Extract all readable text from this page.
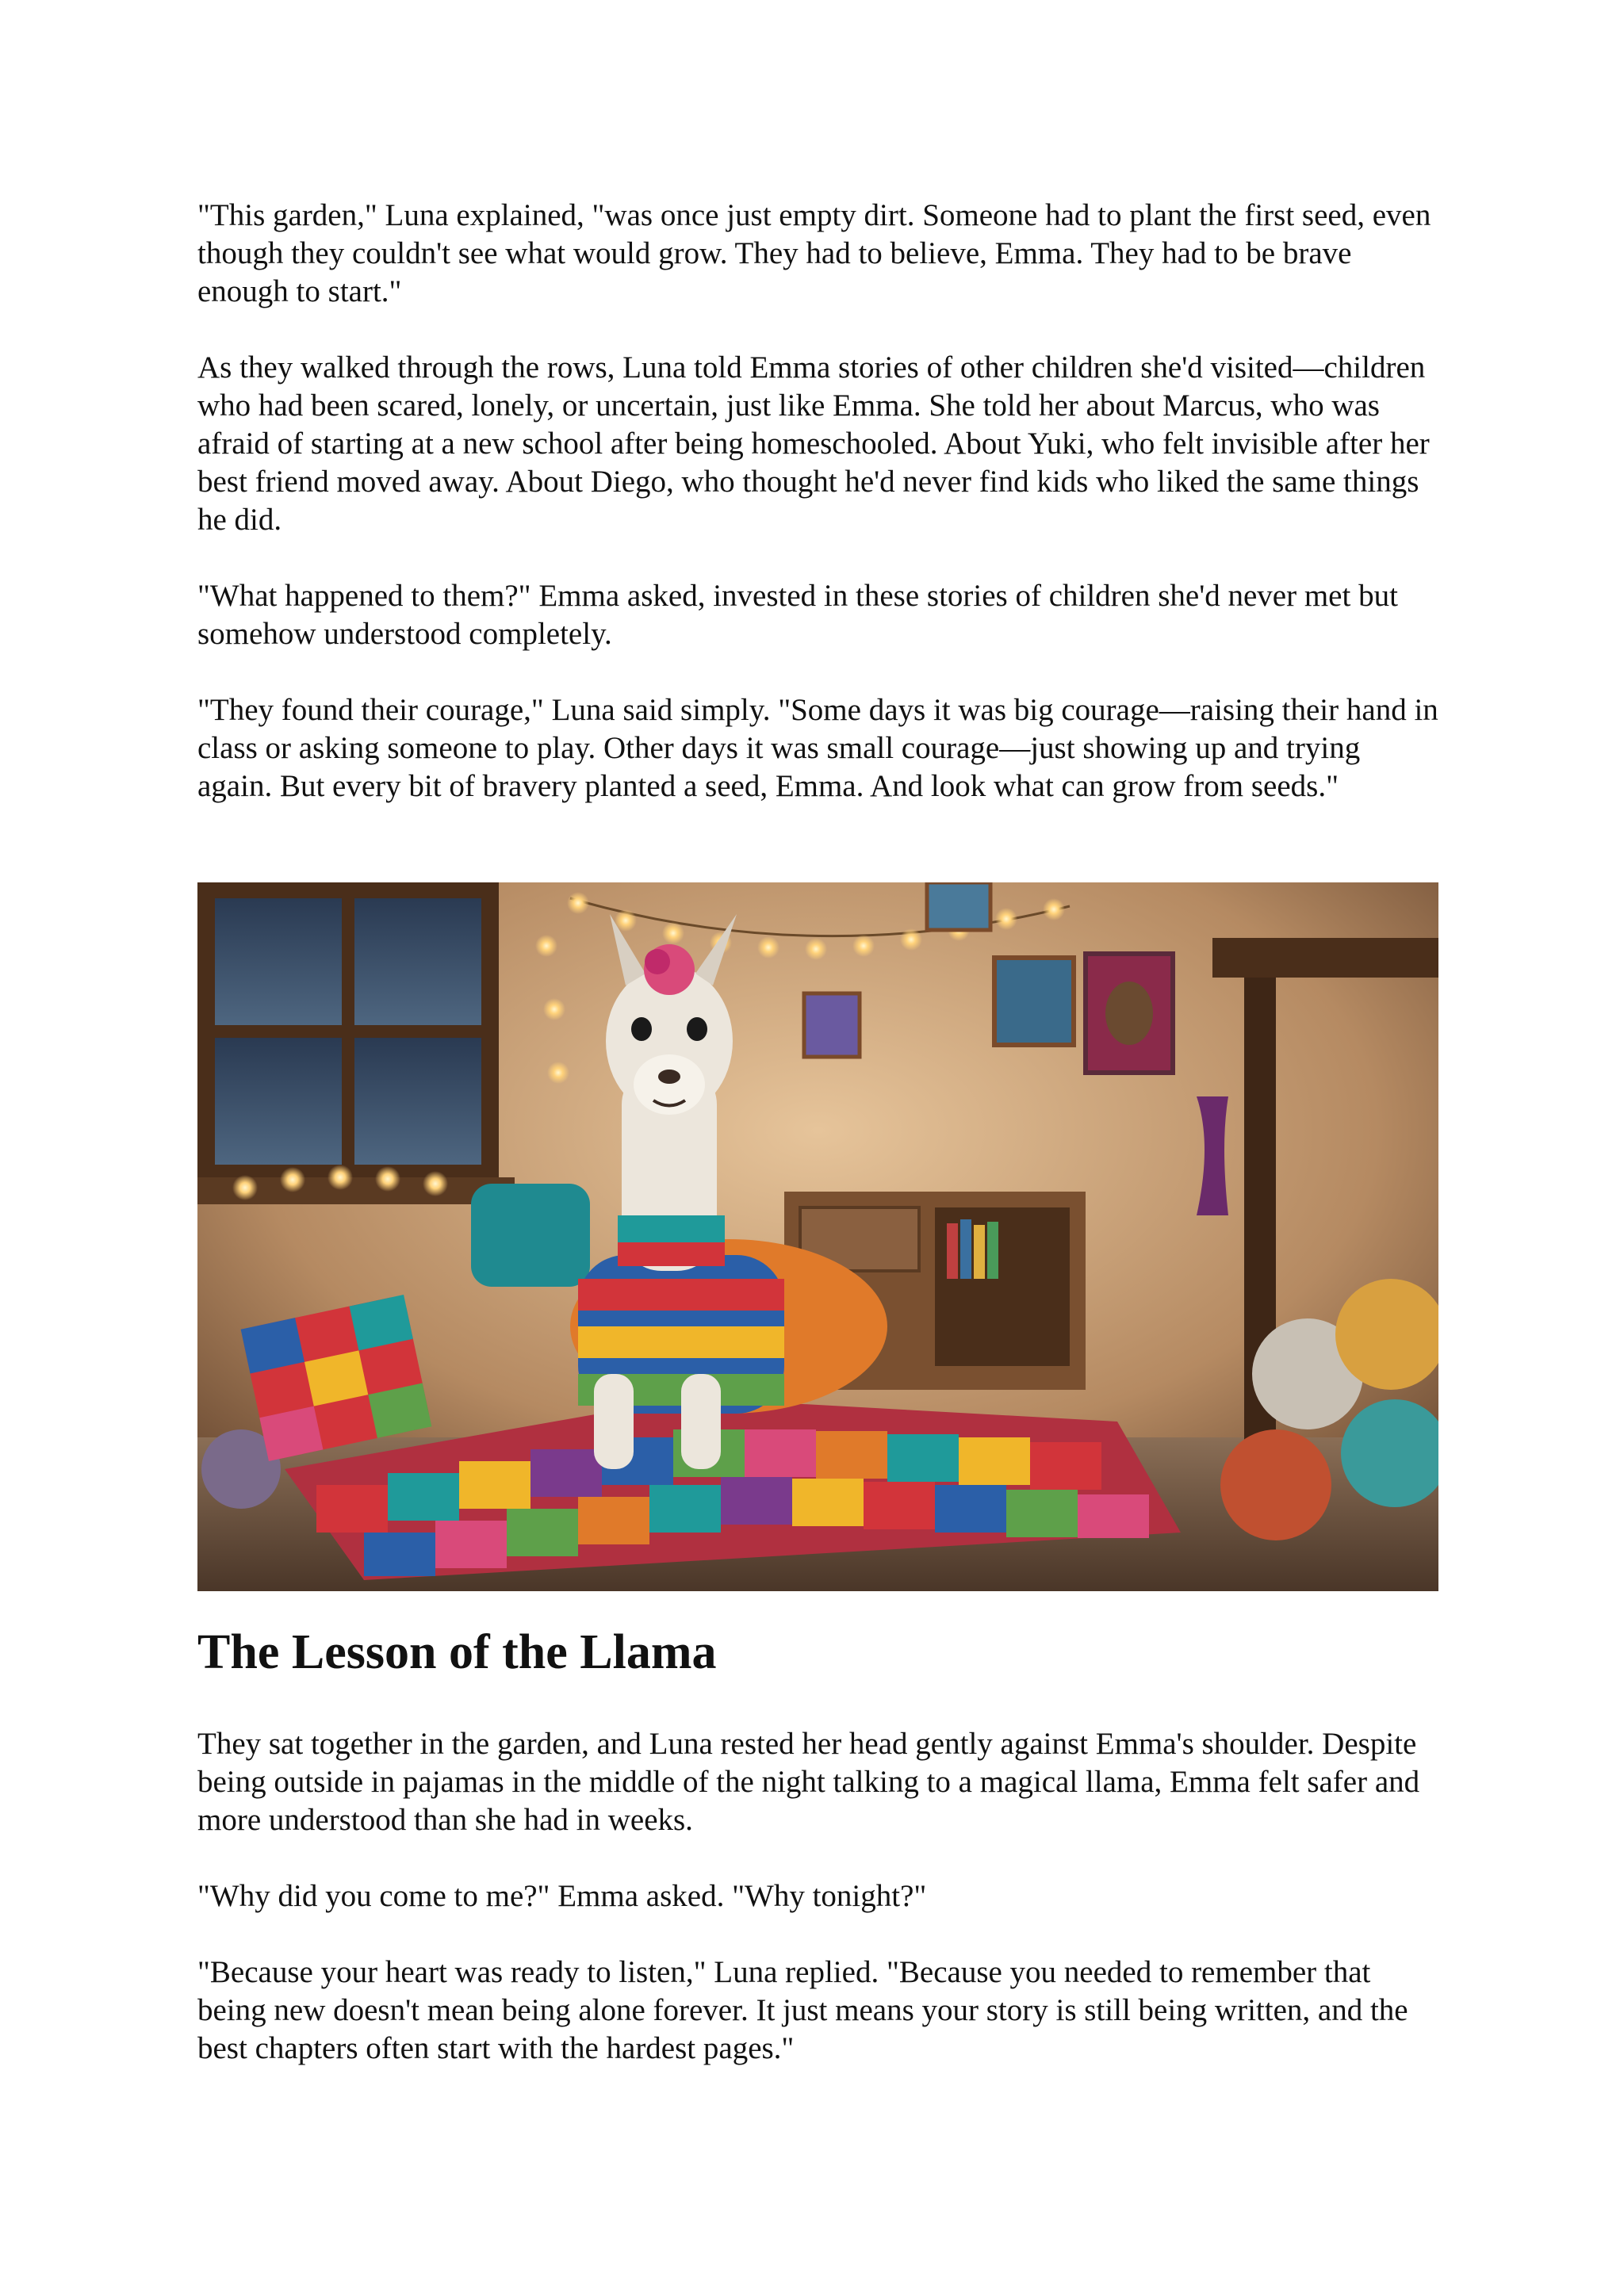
"This garden," Luna explained, "was once just empty dirt. Someone had to plant the first seed, even though they couldn't see what would grow. They had to believe, Emma. They had to be brave enough to start."

As they walked through the rows, Luna told Emma stories of other children she'd visited—children who had been scared, lonely, or uncertain, just like Emma. She told her about Marcus, who was afraid of starting at a new school after being homeschooled. About Yuki, who felt invisible after her best friend moved away. About Diego, who thought he'd never find kids who liked the same things he did.

"What happened to them?" Emma asked, invested in these stories of children she'd never met but somehow understood completely.

"They found their courage," Luna said simply. "Some days it was big courage—raising their hand in class or asking someone to play. Other days it was small courage—just showing up and trying again. But every bit of bravery planted a seed, Emma. And look what can grow from seeds."

The Lesson of the Llama

They sat together in the garden, and Luna rested her head gently against Emma's shoulder. Despite being outside in pajamas in the middle of the night talking to a magical llama, Emma felt safer and more understood than she had in weeks.

"Why did you come to me?" Emma asked. "Why tonight?"

"Because your heart was ready to listen," Luna replied. "Because you needed to remember that being new doesn't mean being alone forever. It just means your story is still being written, and the best chapters often start with the hardest pages."
